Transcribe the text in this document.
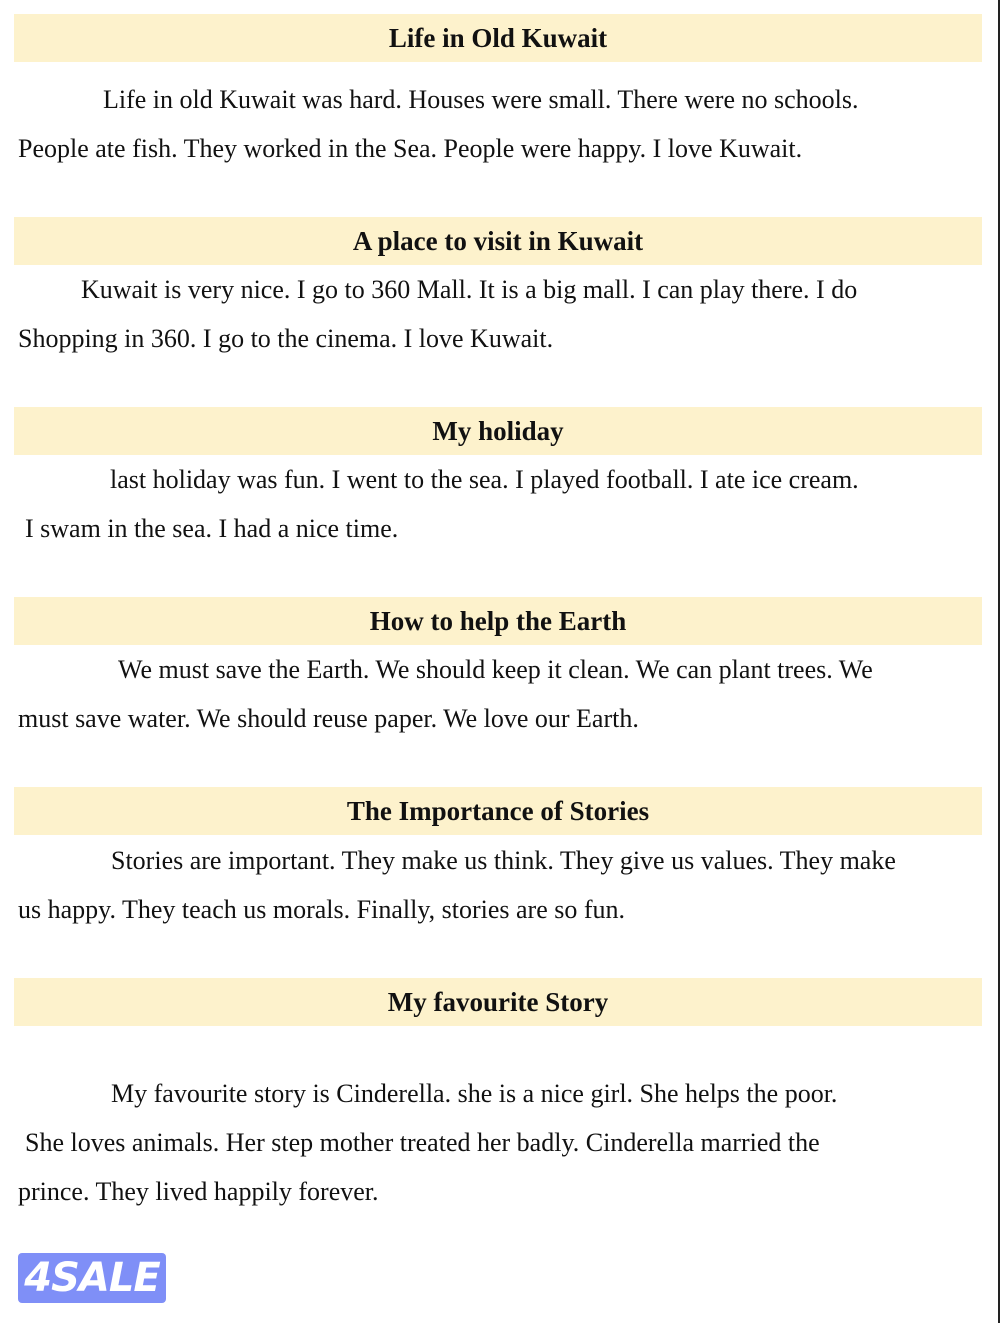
Life in Old Kuwait
Life in old Kuwait was hard. Houses were small. There were no schools.
People ate fish. They worked in the Sea. People were happy. I love Kuwait.
A place to visit in Kuwait
Kuwait is very nice. I go to 360 Mall. It is a big mall. I can play there. I do
Shopping in 360. I go to the cinema. I love Kuwait.
My holiday
last holiday was fun. I went to the sea. I played football. I ate ice cream.
I swam in the sea. I had a nice time.
How to help the Earth
We must save the Earth. We should keep it clean. We can plant trees. We
must save water. We should reuse paper. We love our Earth.
The Importance of Stories
Stories are important. They make us think. They give us values. They make
us happy. They teach us morals. Finally, stories are so fun.
My favourite Story
My favourite story is Cinderella. she is a nice girl. She helps the poor.
She loves animals. Her step mother treated her badly. Cinderella married the
prince. They lived happily forever.
4SALE
